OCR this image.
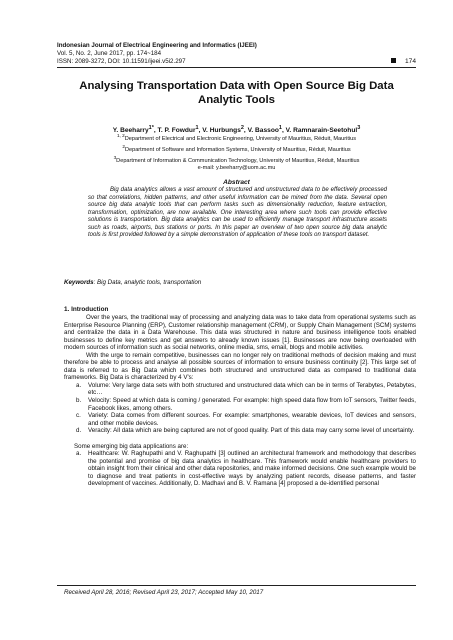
Indonesian Journal of Electrical Engineering and Informatics (IJEEI)
Vol. 5, No. 2, June 2017, pp. 174~184
ISSN: 2089-3272, DOI: 10.11591/ijeei.v5i2.297	174
Analysing Transportation Data with Open Source Big Data Analytic Tools
Y. Beeharry$^{1*}$, T. P. Fowdur$^1$, V. Hurbungs$^2$, V. Bassoo$^1$, V. Ramnarain-Seetohul$^3$
$^{1, 2}$Department of Electrical and Electronic Engineering, University of Mauritius, Réduit, Mauritius
$^2$Department of Software and Information Systems, University of Mauritius, Réduit, Mauritius
$^3$Department of Information & Communication Technology, University of Mauritius, Réduit, Mauritius
e-mail: y.beeharry@uom.ac.mu
Abstract

Big data analytics allows a vast amount of structured and unstructured data to be effectively processed so that correlations, hidden patterns, and other useful information can be mined from the data. Several open source big data analytic tools that can perform tasks such as dimensionality reduction, feature extraction, transformation, optimization, are now available. One interesting area where such tools can provide effective solutions is transportation. Big data analytics can be used to efficiently manage transport infrastructure assets such as roads, airports, bus stations or ports. In this paper an overview of two open source big data analytic tools is first provided followed by a simple demonstration of application of these tools on transport dataset.

Keywords: Big Data, analytic tools, transportation
1. Introduction

Over the years, the traditional way of processing and analyzing data was to take data from operational systems such as Enterprise Resource Planning (ERP), Customer relationship management (CRM), or Supply Chain Management (SCM) systems and centralize the data in a Data Warehouse. This data was structured in nature and business intelligence tools enabled businesses to define key metrics and get answers to already known issues [1]. Businesses are now being overloaded with modern sources of information such as social networks, online media, sms, email, blogs and mobile activities.

With the urge to remain competitive, businesses can no longer rely on traditional methods of decision making and must therefore be able to process and analyse all possible sources of information to ensure business continuity [2]. This large set of data is referred to as Big Data which combines both structured and unstructured data as compared to traditional data frameworks. Big Data is characterized by 4 V's:

a.	Volume: Very large data sets with both structured and unstructured data which can be in terms of Terabytes, Petabytes, etc…
b.	Velocity: Speed at which data is coming / generated. For example: high speed data flow from IoT sensors, Twitter feeds, Facebook likes, among others.
c.	Variety: Data comes from different sources. For example: smartphones, wearable devices, IoT devices and sensors, and other mobile devices.
d.	Veracity: All data which are being captured are not of good quality. Part of this data may carry some level of uncertainty.

Some emerging big data applications are:

a.	Healthcare: W. Raghupathi and V. Raghupathi [3] outlined an architectural framework and methodology that describes the potential and promise of big data analytics in healthcare. This framework would enable healthcare providers to obtain insight from their clinical and other data repositories, and make informed decisions. One such example would be to diagnose and treat patients in cost-effective ways by analyzing patient records, disease patterns, and faster development of vaccines. Additionally, D. Madhavi and B. V. Ramana [4] proposed a de-identified personal
Received April 28, 2016; Revised April 23, 2017; Accepted May 10, 2017
